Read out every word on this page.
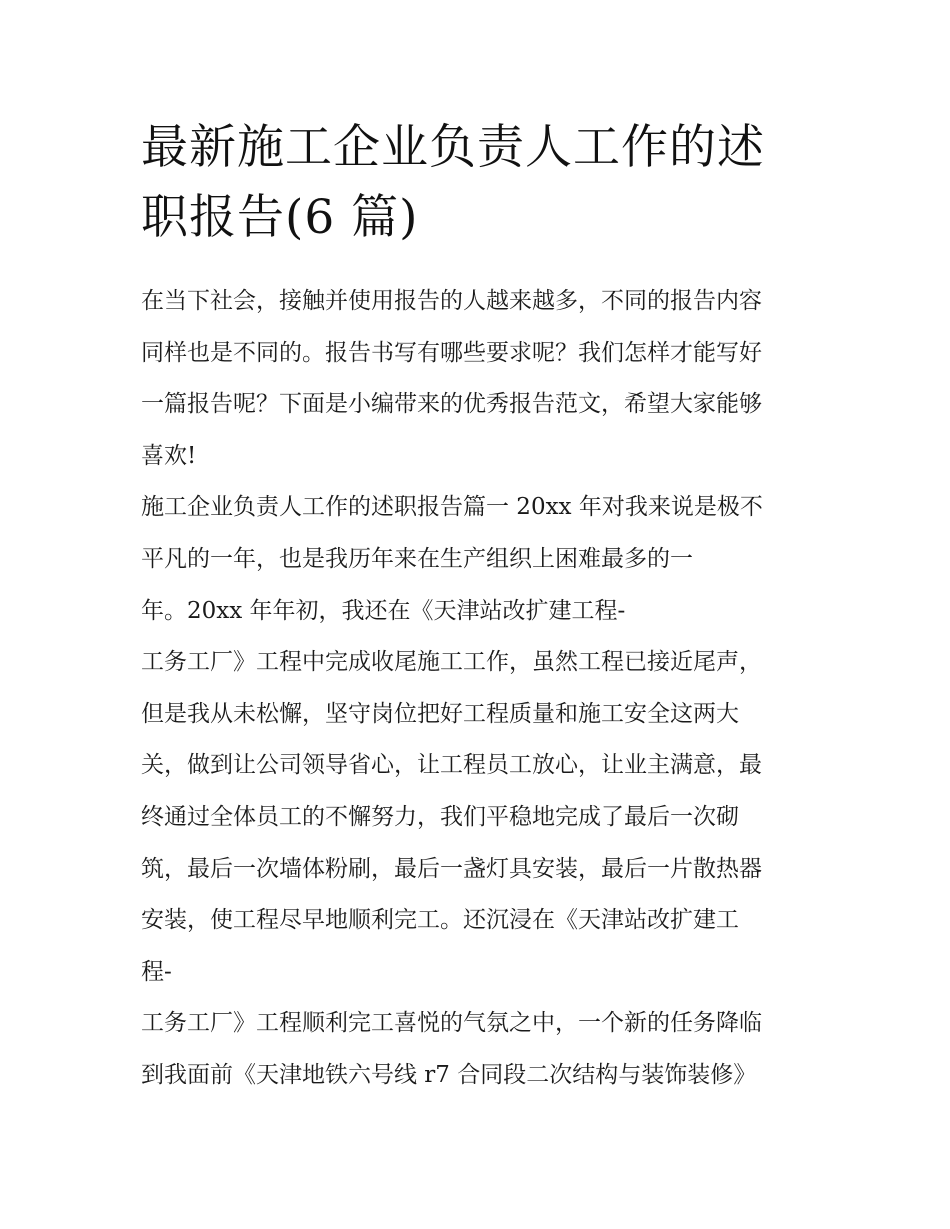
最新施工企业负责人工作的述
职报告(6 篇)
在当下社会，接触并使用报告的人越来越多，不同的报告内容
同样也是不同的。报告书写有哪些要求呢？我们怎样才能写好
一篇报告呢？下面是小编带来的优秀报告范文，希望大家能够
喜欢!
施工企业负责人工作的述职报告篇一 20xx 年对我来说是极不
平凡的一年，也是我历年来在生产组织上困难最多的一
年。20xx 年年初，我还在《天津站改扩建工程-
工务工厂》工程中完成收尾施工工作，虽然工程已接近尾声，
但是我从未松懈，坚守岗位把好工程质量和施工安全这两大
关，做到让公司领导省心，让工程员工放心，让业主满意，最
终通过全体员工的不懈努力，我们平稳地完成了最后一次砌
筑，最后一次墙体粉刷，最后一盏灯具安装，最后一片散热器
安装，使工程尽早地顺利完工。还沉浸在《天津站改扩建工
程-
工务工厂》工程顺利完工喜悦的气氛之中，一个新的任务降临
到我面前《天津地铁六号线 r7 合同段二次结构与装饰装修》
